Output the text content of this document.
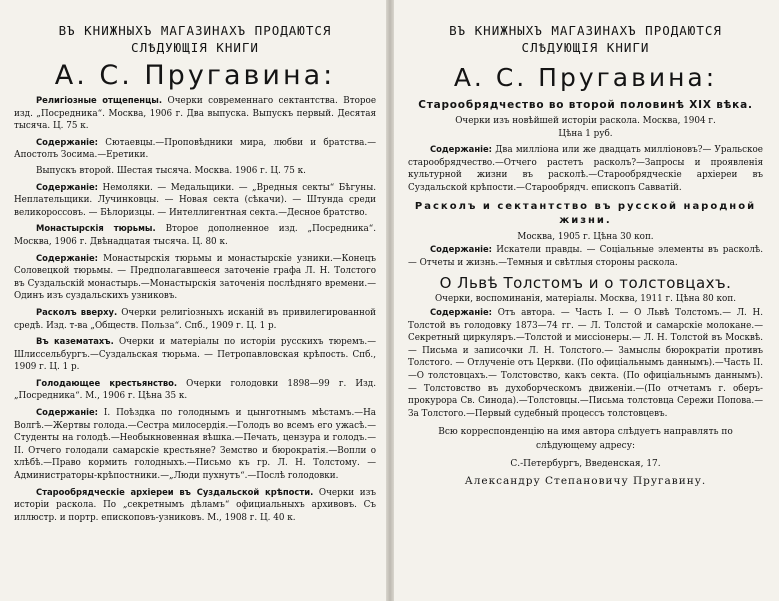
ВЪ КНИЖНЫХЪ МАГАЗИНАХЪ ПРОДАЮТСЯ
СЛѢДУЮЩІЯ КНИГИ
А. С. Пругавина:

Религіозные отщепенцы. Очерки современнаго сектантства. Второе изд. „Посредника“. Москва, 1906 г. Два выпуска. Выпускъ первый. Десятая тысяча. Ц. 75 к.

Содержаніе: Сютаевцы.—Проповѣдники мира, любви и братства.—Апостолъ Зосима.—Еретики.

Выпускъ второй. Шестая тысяча. Москва. 1906 г. Ц. 75 к.

Содержаніе: Немоляки. — Медальщики. — „Вредныя секты“ Бѣгуны. Неплательщики. Лучинковцы. — Новая секта (сѣкачи). — Штунда среди великороссовъ. — Бѣлоризцы. — Интеллигентная секта.—Десное братство.

Монастырскія тюрьмы. Второе дополненное изд. „Посредника“. Москва, 1906 г. Двѣнадцатая тысяча. Ц. 80 к.

Содержаніе: Монастырскія тюрьмы и монастырскіе узники.—Конецъ Соловецкой тюрьмы. — Предполагавшееся заточеніе графа Л. Н. Толстого въ Суздальскій монастырь.—Монастырскія заточенія послѣдняго времени.—Одинъ изъ суздальскихъ узниковъ.

Расколъ вверху. Очерки религіозныхъ исканій въ привилегированной средѣ. Изд. т-ва „Обществ. Польза“. Спб., 1909 г. Ц. 1 р.

Въ казематахъ. Очерки и матеріалы по исторіи русскихъ тюремъ.—Шлиссельбургъ.—Суздальская тюрьма. — Петропавловская крѣпость. Спб., 1909 г. Ц. 1 р.

Голодающее крестьянство. Очерки голодовки 1898—99 г. Изд. „Посредника“. М., 1906 г. Цѣна 35 к.

Содержаніе: I. Поѣздка по голоднымъ и цынготнымъ мѣстамъ.—На Волгѣ.—Жертвы голода.—Сестра милосердія.—Голодъ во всемъ его ужасѣ.—Студенты на голодѣ.—Необыкновенная вѣшка.—Печать, цензура и голодъ.—II. Отчего голодали самарскіе крестьяне? Земство и бюрократія.—Вопли о хлѣбѣ.—Право кормить голодныхъ.—Письмо къ гр. Л. Н. Толстому. — Администраторы-крѣпостники.—„Люди пухнутъ“.—Послѣ голодовки.

Старообрядческіе архіереи въ Суздальской крѣпости. Очерки изъ исторіи раскола. По „секретнымъ дѣламъ“ официальныхъ архивовъ. Съ иллюстр. и портр. епископовъ-узниковъ. М., 1908 г. Ц. 40 к.

ВЪ КНИЖНЫХЪ МАГАЗИНАХЪ ПРОДАЮТСЯ
СЛѢДУЮЩІЯ КНИГИ
А. С. Пругавина:
Старообрядчество во второй половинѣ XIX вѣка.

Очерки изъ новѣйшей исторіи раскола. Москва, 1904 г.

Цѣна 1 руб.

Содержаніе: Два милліона или же двадцать милліоновъ?— Уральское старообрядчество.—Отчего растетъ расколъ?—Запросы и проявленія культурной жизни въ расколѣ.—Старообрядческіе архіереи въ Суздальской крѣпости.—Старообрядч. епископъ Савватій.

Расколъ и сектантство въ русской народной
жизни.

Москва, 1905 г. Цѣна 30 коп.

Содержаніе: Искатели правды. — Соціальные элементы въ расколѣ. — Отчеты и жизнь.—Темныя и свѣтлыя стороны раскола.

О Львѣ Толстомъ и о толстовцахъ.

Очерки, воспоминанія, матеріалы. Москва, 1911 г. Цѣна 80 коп.

Содержаніе: Отъ автора. — Часть I. — О Львѣ Толстомъ.— Л. Н. Толстой въ голодовку 1873—74 гг. — Л. Толстой и самарскіе молокане.—Секретный циркуляръ.—Толстой и миссіонеры.— Л. Н. Толстой въ Москвѣ. — Письма и записочки Л. Н. Толстого.— Замыслы бюрократіи противъ Толстого. — Отлученіе отъ Церкви. (По офиціальнымъ даннымъ).—Часть II.—О толстовцахъ.— Толстовство, какъ секта. (По офиціальнымъ даннымъ). — Толстовство въ духоборческомъ движеніи.—(По отчетамъ г. оберъ-прокурора Св. Синода).—Толстовцы.—Письма толстовца Сережи Попова.—За Толстого.—Первый судебный процессъ толстовцевъ.

Всю корреспонденцію на имя автора слѣдуетъ направлять по слѣдующему адресу:

С.-Петербургъ, Введенская, 17.

Александру Степановичу Пругавину.
